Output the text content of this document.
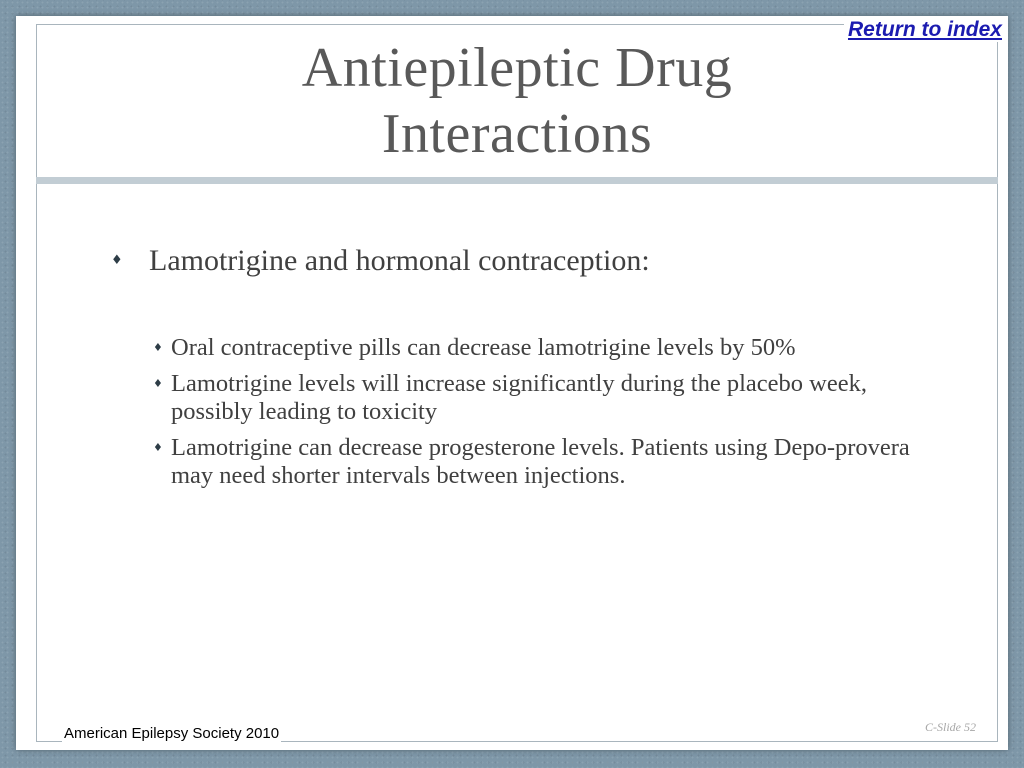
Antiepileptic Drug Interactions
Return to index
♦ Lamotrigine and hormonal contraception:
♦ Oral contraceptive pills can decrease lamotrigine levels by 50%
♦ Lamotrigine levels will increase significantly during the placebo week, possibly leading to toxicity
♦ Lamotrigine can decrease progesterone levels. Patients using Depo-provera may need shorter intervals between injections.
American Epilepsy Society 2010	C-Slide 52
